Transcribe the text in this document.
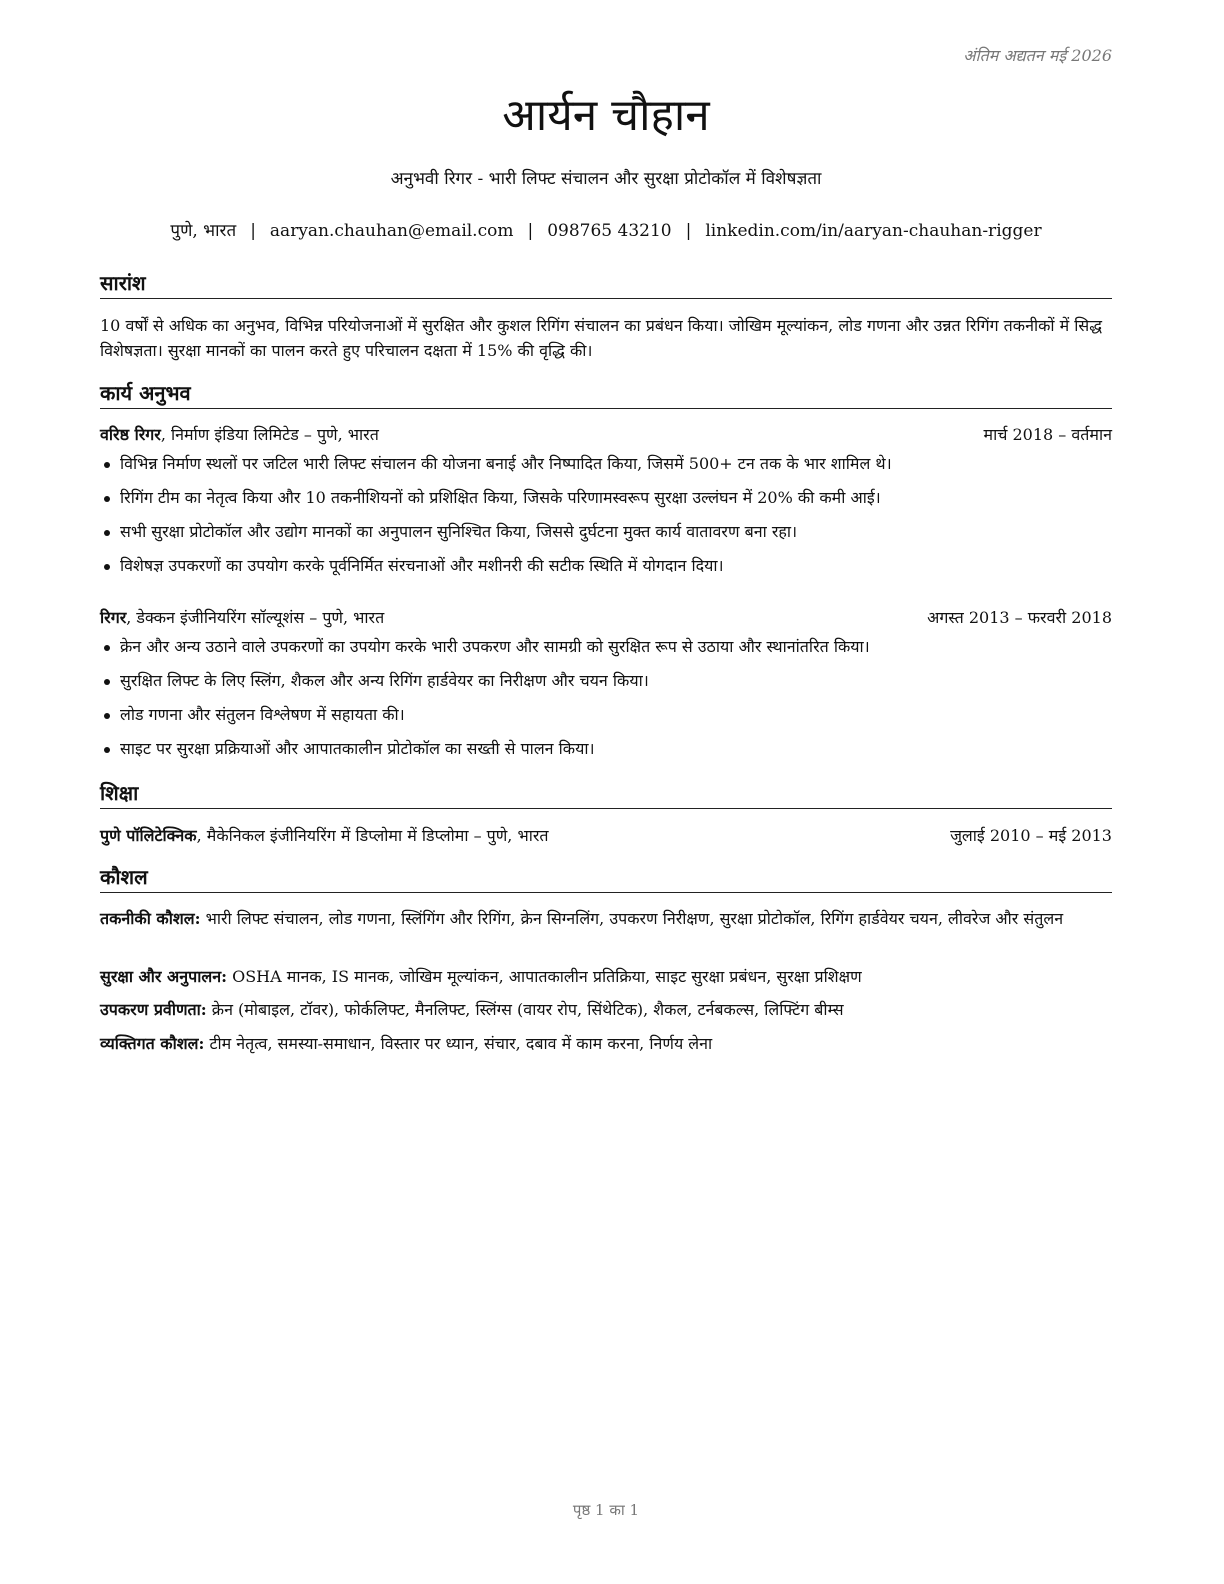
अंतिम अद्यतन मई 2026
आर्यन चौहान
अनुभवी रिगर - भारी लिफ्ट संचालन और सुरक्षा प्रोटोकॉल में विशेषज्ञता
पुणे, भारत | aaryan.chauhan@email.com | 098765 43210 | linkedin.com/in/aaryan-chauhan-rigger
सारांश
10 वर्षों से अधिक का अनुभव, विभिन्न परियोजनाओं में सुरक्षित और कुशल रिगिंग संचालन का प्रबंधन किया। जोखिम मूल्यांकन, लोड गणना और उन्नत रिगिंग तकनीकों में सिद्ध विशेषज्ञता। सुरक्षा मानकों का पालन करते हुए परिचालन दक्षता में 15% की वृद्धि की।
कार्य अनुभव
वरिष्ठ रिगर, निर्माण इंडिया लिमिटेड – पुणे, भारत	मार्च 2018 – वर्तमान
विभिन्न निर्माण स्थलों पर जटिल भारी लिफ्ट संचालन की योजना बनाई और निष्पादित किया, जिसमें 500+ टन तक के भार शामिल थे।
रिगिंग टीम का नेतृत्व किया और 10 तकनीशियनों को प्रशिक्षित किया, जिसके परिणामस्वरूप सुरक्षा उल्लंघन में 20% की कमी आई।
सभी सुरक्षा प्रोटोकॉल और उद्योग मानकों का अनुपालन सुनिश्चित किया, जिससे दुर्घटना मुक्त कार्य वातावरण बना रहा।
विशेषज्ञ उपकरणों का उपयोग करके पूर्वनिर्मित संरचनाओं और मशीनरी की सटीक स्थिति में योगदान दिया।
रिगर, डेक्कन इंजीनियरिंग सॉल्यूशंस – पुणे, भारत	अगस्त 2013 – फरवरी 2018
क्रेन और अन्य उठाने वाले उपकरणों का उपयोग करके भारी उपकरण और सामग्री को सुरक्षित रूप से उठाया और स्थानांतरित किया।
सुरक्षित लिफ्ट के लिए स्लिंग, शैकल और अन्य रिगिंग हार्डवेयर का निरीक्षण और चयन किया।
लोड गणना और संतुलन विश्लेषण में सहायता की।
साइट पर सुरक्षा प्रक्रियाओं और आपातकालीन प्रोटोकॉल का सख्ती से पालन किया।
शिक्षा
पुणे पॉलिटेक्निक, मैकेनिकल इंजीनियरिंग में डिप्लोमा में डिप्लोमा – पुणे, भारत	जुलाई 2010 – मई 2013
कौशल
तकनीकी कौशल: भारी लिफ्ट संचालन, लोड गणना, स्लिंगिंग और रिगिंग, क्रेन सिग्नलिंग, उपकरण निरीक्षण, सुरक्षा प्रोटोकॉल, रिगिंग हार्डवेयर चयन, लीवरेज और संतुलन
सुरक्षा और अनुपालन: OSHA मानक, IS मानक, जोखिम मूल्यांकन, आपातकालीन प्रतिक्रिया, साइट सुरक्षा प्रबंधन, सुरक्षा प्रशिक्षण
उपकरण प्रवीणता: क्रेन (मोबाइल, टॉवर), फोर्कलिफ्ट, मैनलिफ्ट, स्लिंग्स (वायर रोप, सिंथेटिक), शैकल, टर्नबकल्स, लिफ्टिंग बीम्स
व्यक्तिगत कौशल: टीम नेतृत्व, समस्या-समाधान, विस्तार पर ध्यान, संचार, दबाव में काम करना, निर्णय लेना
पृष्ठ 1 का 1
